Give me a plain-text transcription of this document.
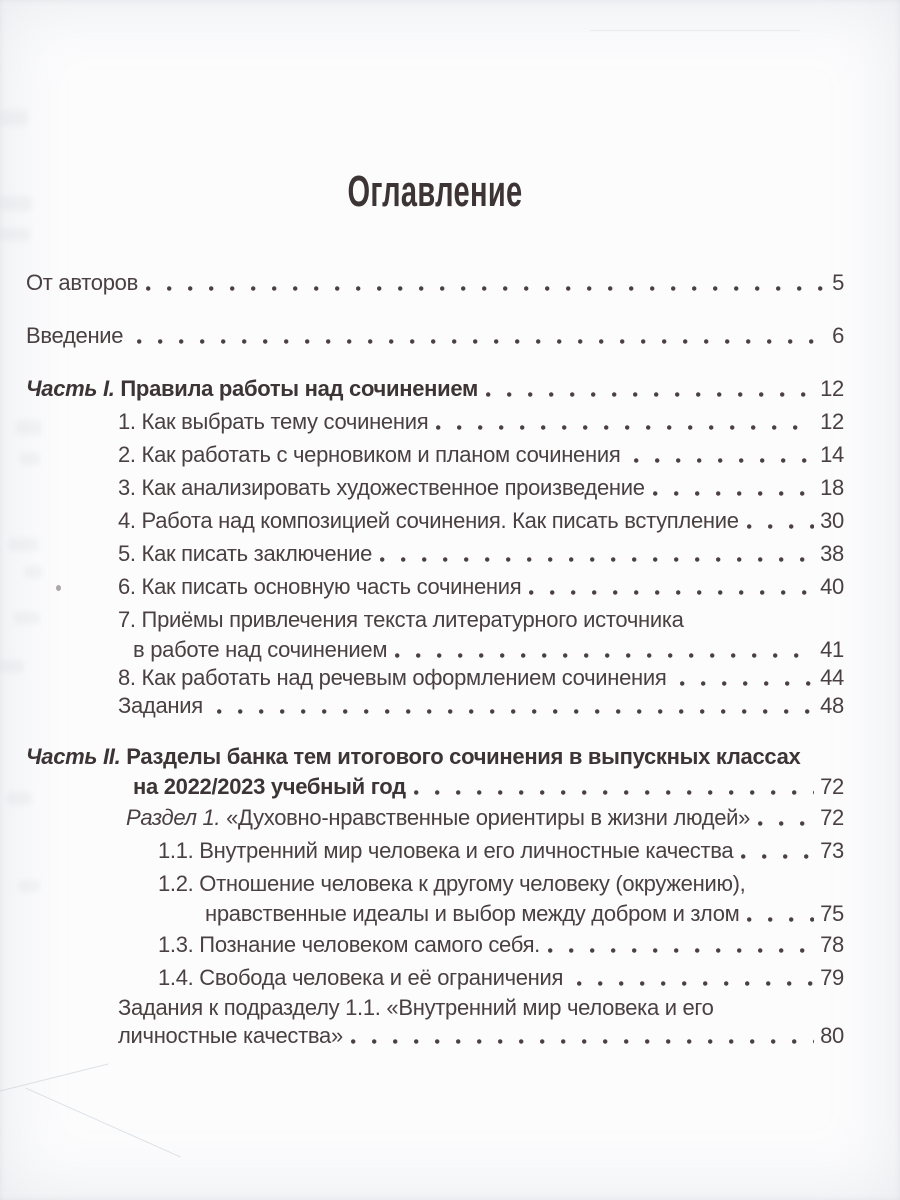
Оглавление
От авторов	5
Введение	6
Часть I. Правила работы над сочинением	12
1. Как выбрать тему сочинения	12
2. Как работать с черновиком и планом сочинения	14
3. Как анализировать художественное произведение	18
4. Работа над композицией сочинения. Как писать вступление	30
5. Как писать заключение	38
6. Как писать основную часть сочинения	40
7. Приёмы привлечения текста литературного источника
в работе над сочинением	41
8. Как работать над речевым оформлением сочинения	44
Задания	48
Часть II. Разделы банка тем итогового сочинения в выпускных классах
на 2022/2023 учебный год	72
Раздел 1. «Духовно-нравственные ориентиры в жизни людей»	72
1.1. Внутренний мир человека и его личностные качества	73
1.2. Отношение человека к другому человеку (окружению),
нравственные идеалы и выбор между добром и злом	75
1.3. Познание человеком самого себя.	78
1.4. Свобода человека и её ограничения	79
Задания к подразделу 1.1. «Внутренний мир человека и его
личностные качества»	80
